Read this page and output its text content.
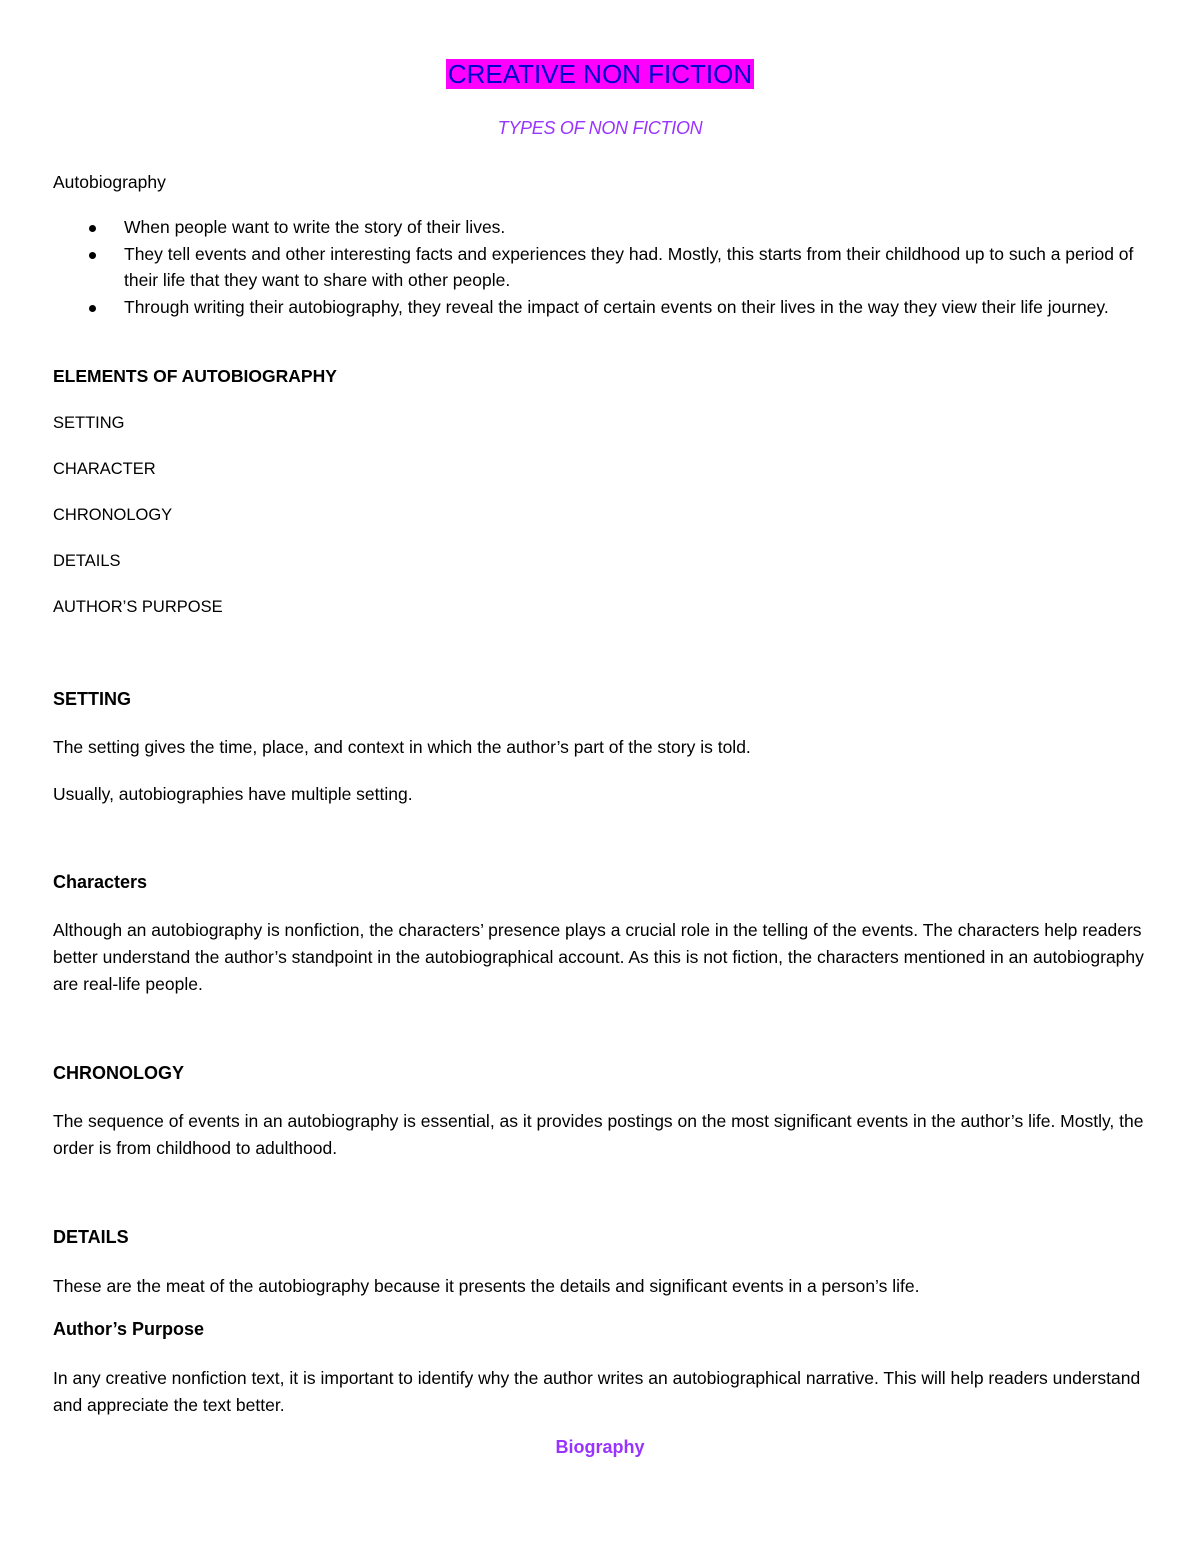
CREATIVE NON FICTION
TYPES OF NON FICTION
Autobiography
When people want to write the story of their lives.
They tell events and other interesting facts and experiences they had. Mostly, this starts from their childhood up to such a period of their life that they want to share with other people.
Through writing their autobiography, they reveal the impact of certain events on their lives in the way they view their life journey.
ELEMENTS OF AUTOBIOGRAPHY
SETTING
CHARACTER
CHRONOLOGY
DETAILS
AUTHOR’S PURPOSE
SETTING

The setting gives the time, place, and context in which the author’s part of the story is told.

Usually, autobiographies have multiple setting.

Characters

Although an autobiography is nonfiction, the characters’ presence plays a crucial role in the telling of the events. The characters help readers better understand the author’s standpoint in the autobiographical account. As this is not fiction, the characters mentioned in an autobiography are real-life people.

CHRONOLOGY

The sequence of events in an autobiography is essential, as it provides postings on the most significant events in the author’s life. Mostly, the order is from childhood to adulthood.

DETAILS

These are the meat of the autobiography because it presents the details and significant events in a person’s life.

Author’s Purpose

In any creative nonfiction text, it is important to identify why the author writes an autobiographical narrative. This will help readers understand and appreciate the text better.

Biography
